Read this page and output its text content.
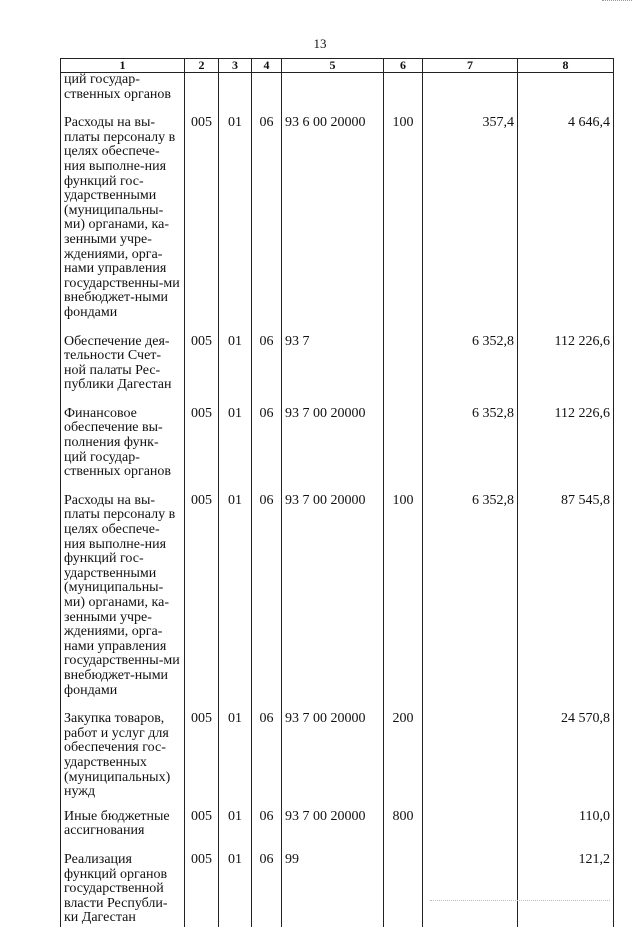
13
1	2	3	4	5	6	7	8
ций государ-ственных органов							

Расходы на вы-платы персоналу в целях обеспече-ния выполне-ния функций гос-ударственными (муниципальны-ми) органами, ка-зенными учре-ждениями, орга-нами управления государственны-ми внебюджет-ными фондами	005	01	06	93 6 00 20000	100	357,4	4 646,4

Обеспечение дея-тельности Счет-ной палаты Рес-публики Дагестан	005	01	06	93 7		6 352,8	112 226,6

Финансовое обеспечение вы-полнения функ-ций государ-ственных органов	005	01	06	93 7 00 20000		6 352,8	112 226,6

Расходы на вы-платы персоналу в целях обеспече-ния выполне-ния функций гос-ударственными (муниципальны-ми) органами, ка-зенными учре-ждениями, орга-нами управления государственны-ми внебюджет-ными фондами	005	01	06	93 7 00 20000	100	6 352,8	87 545,8

Закупка товаров, работ и услуг для обеспечения гос-ударственных (муниципальных) нужд	005	01	06	93 7 00 20000	200		24 570,8

Иные бюджетные ассигнования	005	01	06	93 7 00 20000	800		110,0

Реализация функций органов государственной власти Республи-ки Дагестан	005	01	06	99			121,2
